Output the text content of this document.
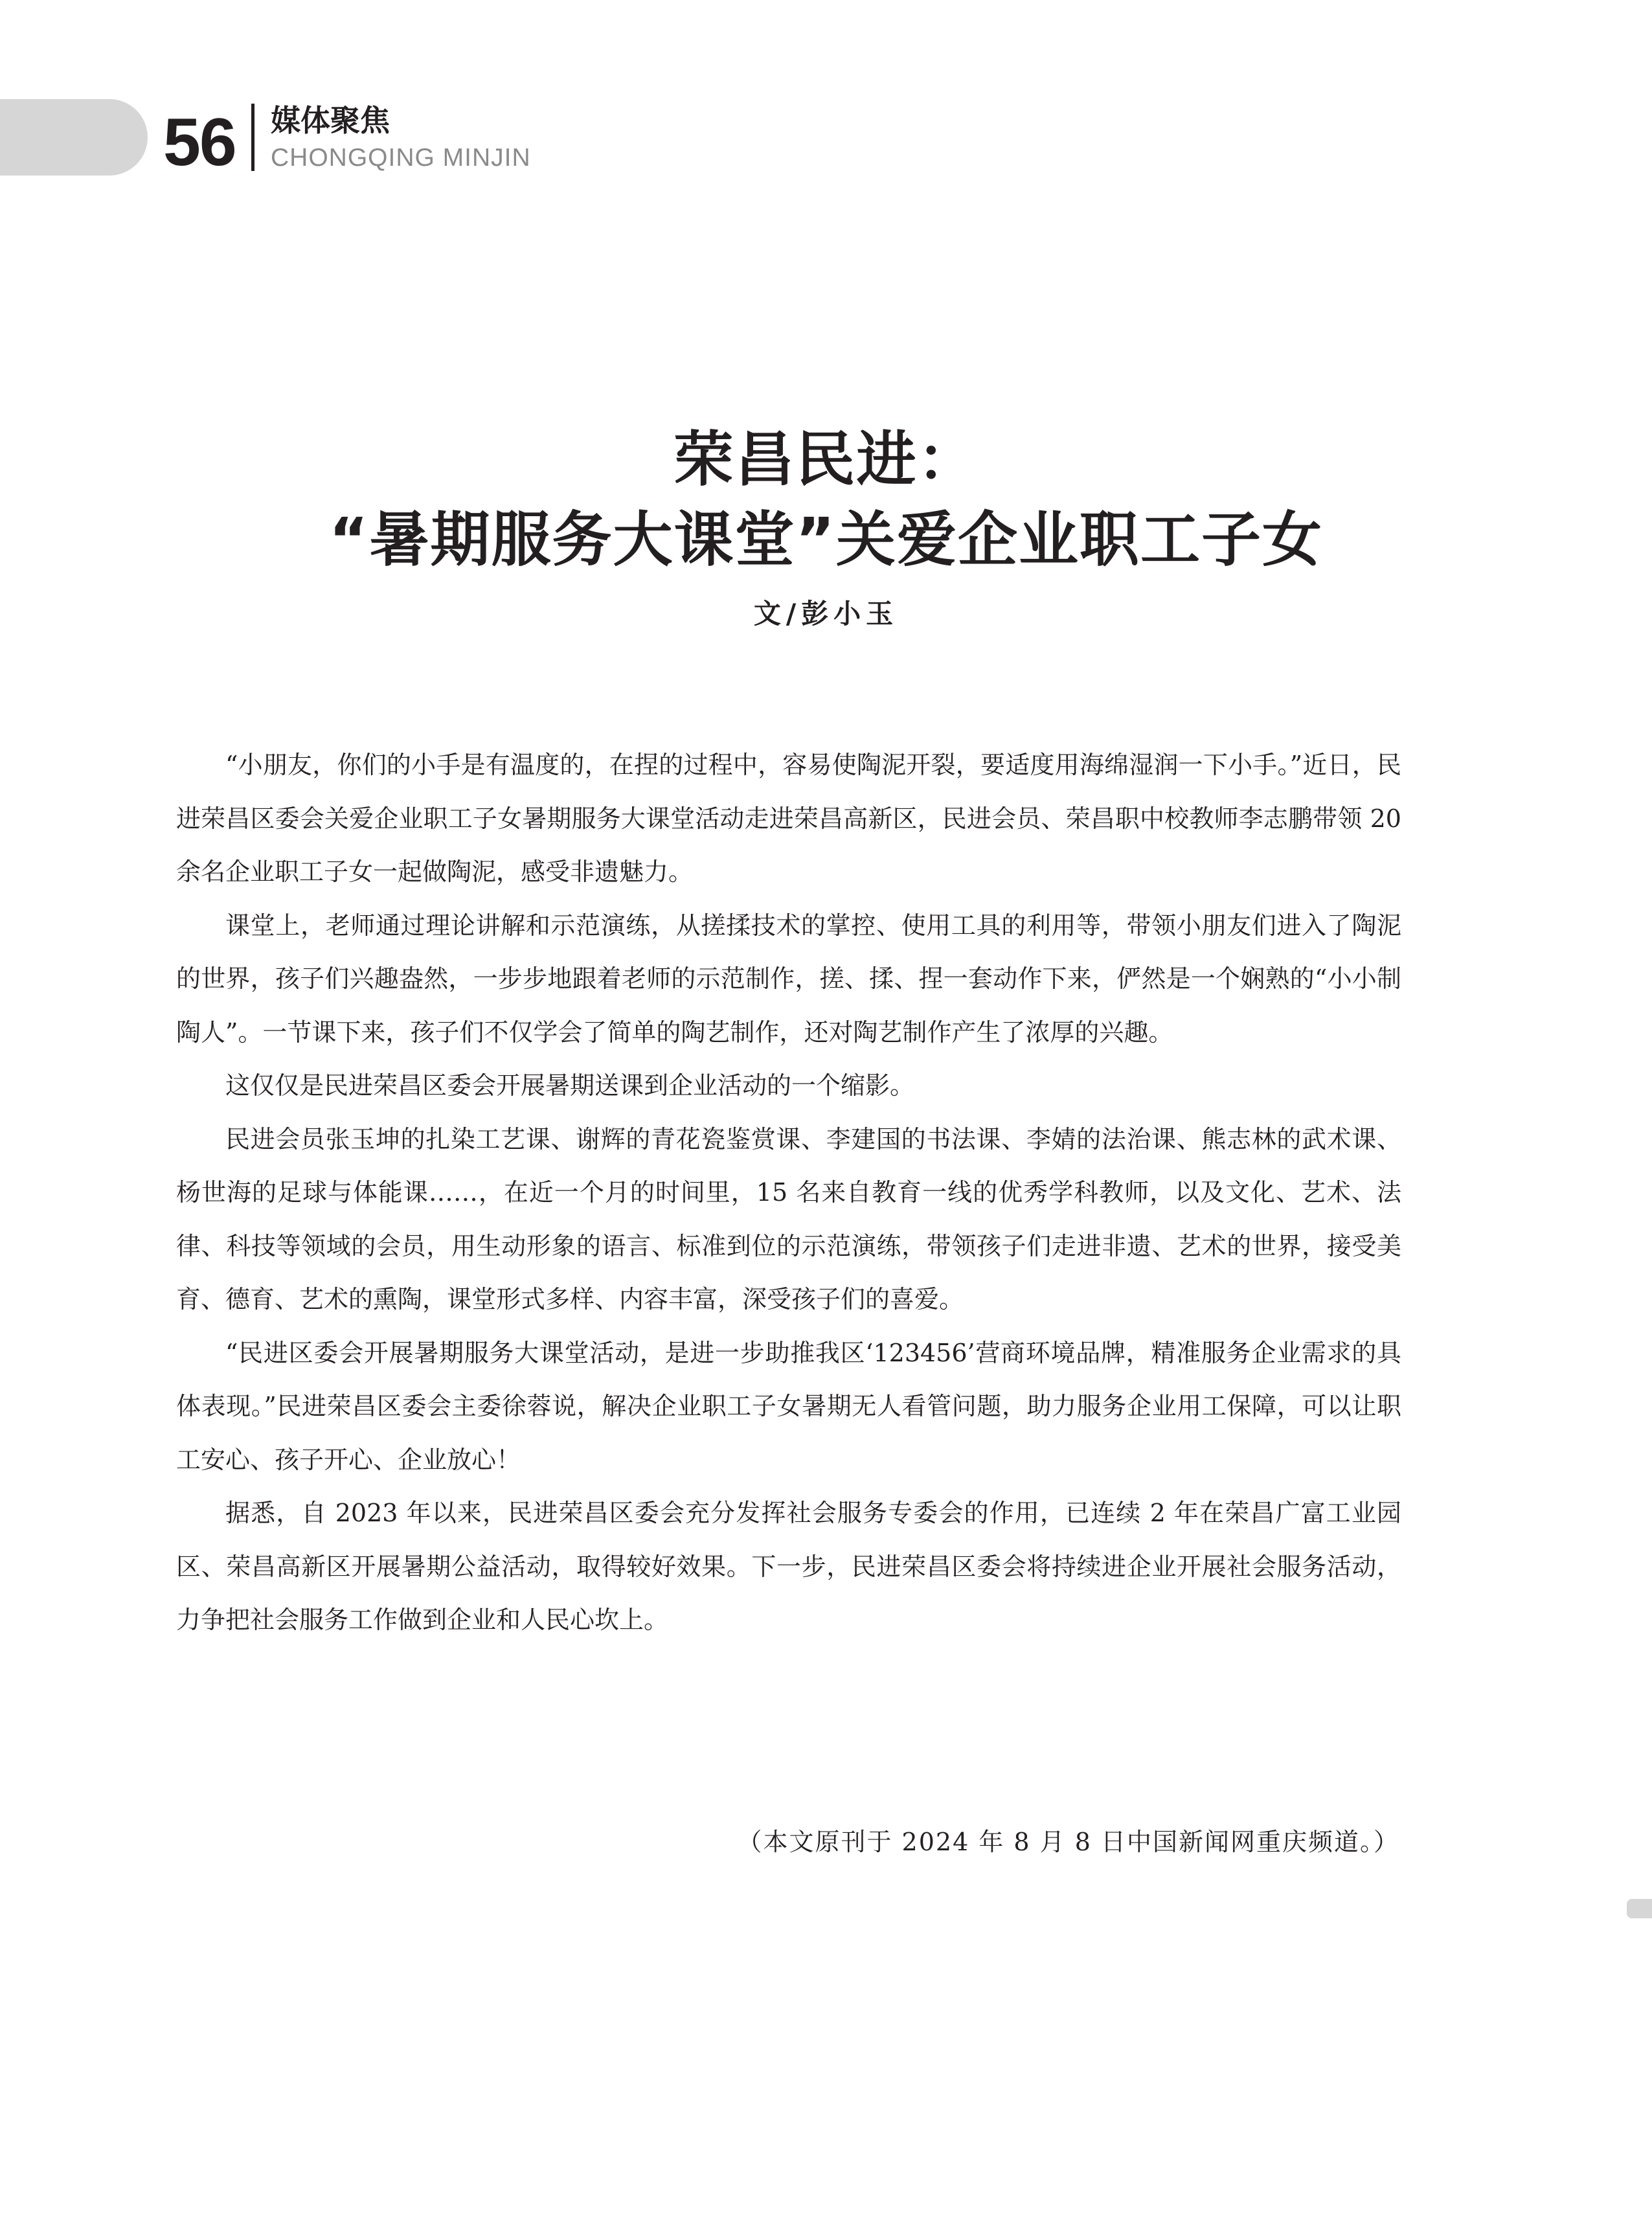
56 媒体聚焦
CHONGQING MINJIN
荣昌民进：
“暑期服务大课堂”关爱企业职工子女
文/彭小玉

“小朋友，你们的小手是有温度的，在捏的过程中，容易使陶泥开裂，要适度用海绵湿润一下小手。”近日，民进荣昌区委会关爱企业职工子女暑期服务大课堂活动走进荣昌高新区，民进会员、荣昌职中校教师李志鹏带领 20 余名企业职工子女一起做陶泥，感受非遗魅力。

课堂上，老师通过理论讲解和示范演练，从搓揉技术的掌控、使用工具的利用等，带领小朋友们进入了陶泥的世界，孩子们兴趣盎然，一步步地跟着老师的示范制作，搓、揉、捏一套动作下来，俨然是一个娴熟的“小小制陶人”。一节课下来，孩子们不仅学会了简单的陶艺制作，还对陶艺制作产生了浓厚的兴趣。

这仅仅是民进荣昌区委会开展暑期送课到企业活动的一个缩影。

民进会员张玉坤的扎染工艺课、谢辉的青花瓷鉴赏课、李建国的书法课、李婧的法治课、熊志林的武术课、杨世海的足球与体能课……，在近一个月的时间里，15 名来自教育一线的优秀学科教师，以及文化、艺术、法律、科技等领域的会员，用生动形象的语言、标准到位的示范演练，带领孩子们走进非遗、艺术的世界，接受美育、德育、艺术的熏陶，课堂形式多样、内容丰富，深受孩子们的喜爱。

“民进区委会开展暑期服务大课堂活动，是进一步助推我区‘123456’营商环境品牌，精准服务企业需求的具体表现。”民进荣昌区委会主委徐蓉说，解决企业职工子女暑期无人看管问题，助力服务企业用工保障，可以让职工安心、孩子开心、企业放心！

据悉，自 2023 年以来，民进荣昌区委会充分发挥社会服务专委会的作用，已连续 2 年在荣昌广富工业园区、荣昌高新区开展暑期公益活动，取得较好效果。下一步，民进荣昌区委会将持续进企业开展社会服务活动，力争把社会服务工作做到企业和人民心坎上。

（本文原刊于 2024 年 8 月 8 日中国新闻网重庆频道。）
